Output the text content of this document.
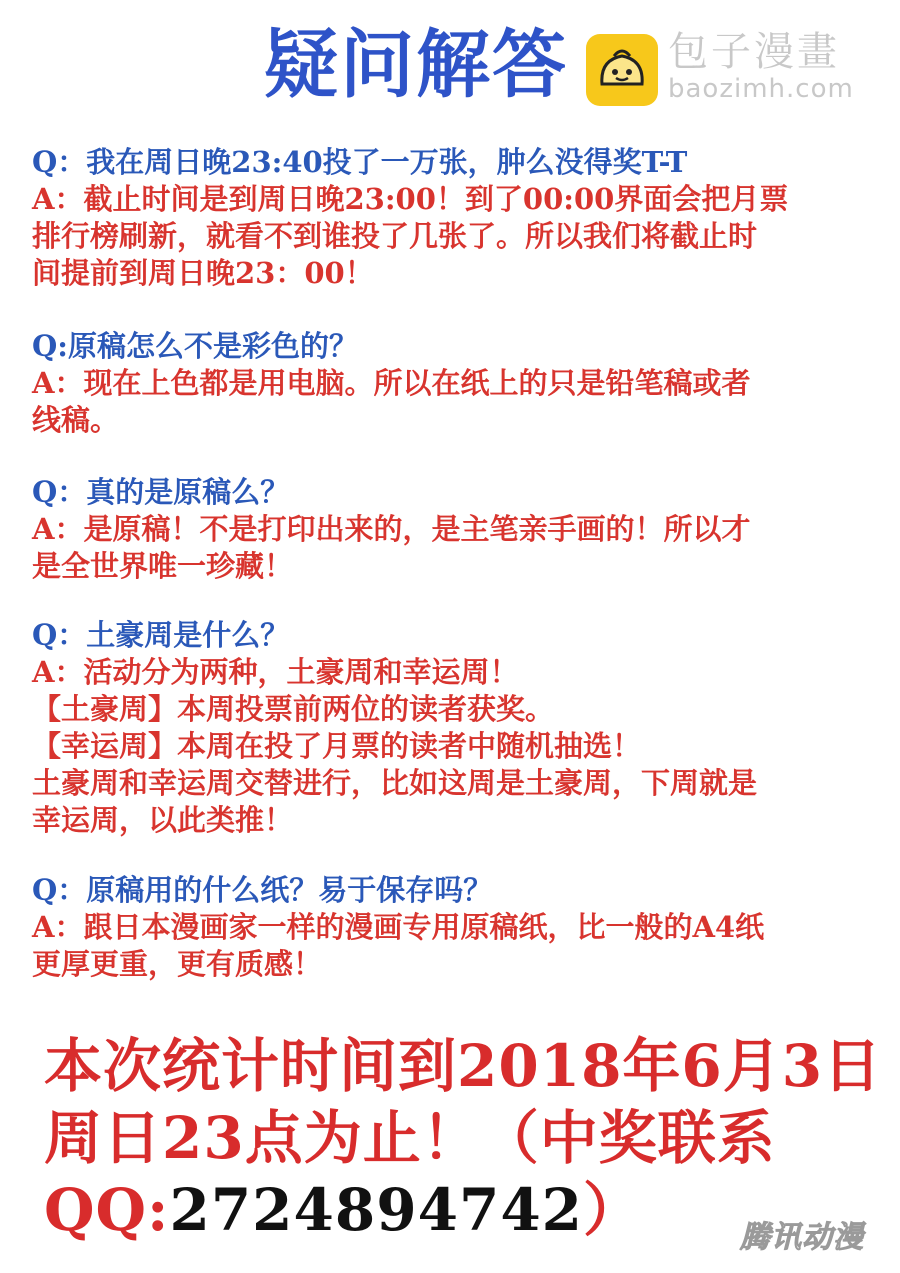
疑问解答	包子漫畫
baozimh.com
Q：我在周日晚23:40投了一万张，肿么没得奖T-T
A：截止时间是到周日晚23:00！到了00:00界面会把月票
排行榜刷新，就看不到谁投了几张了。所以我们将截止时
间提前到周日晚23：00！
Q:原稿怎么不是彩色的？
A：现在上色都是用电脑。所以在纸上的只是铅笔稿或者
线稿。
Q：真的是原稿么？
A：是原稿！不是打印出来的，是主笔亲手画的！所以才
是全世界唯一珍藏！
Q：土豪周是什么？
A：活动分为两种，土豪周和幸运周！
【土豪周】本周投票前两位的读者获奖。
【幸运周】本周在投了月票的读者中随机抽选！
土豪周和幸运周交替进行，比如这周是土豪周，下周就是
幸运周，以此类推！
Q：原稿用的什么纸？易于保存吗？
A：跟日本漫画家一样的漫画专用原稿纸，比一般的A4纸
更厚更重，更有质感！
本次统计时间到2018年6月3日
周日23点为止！（中奖联系
QQ:2724894742）	腾讯动漫
